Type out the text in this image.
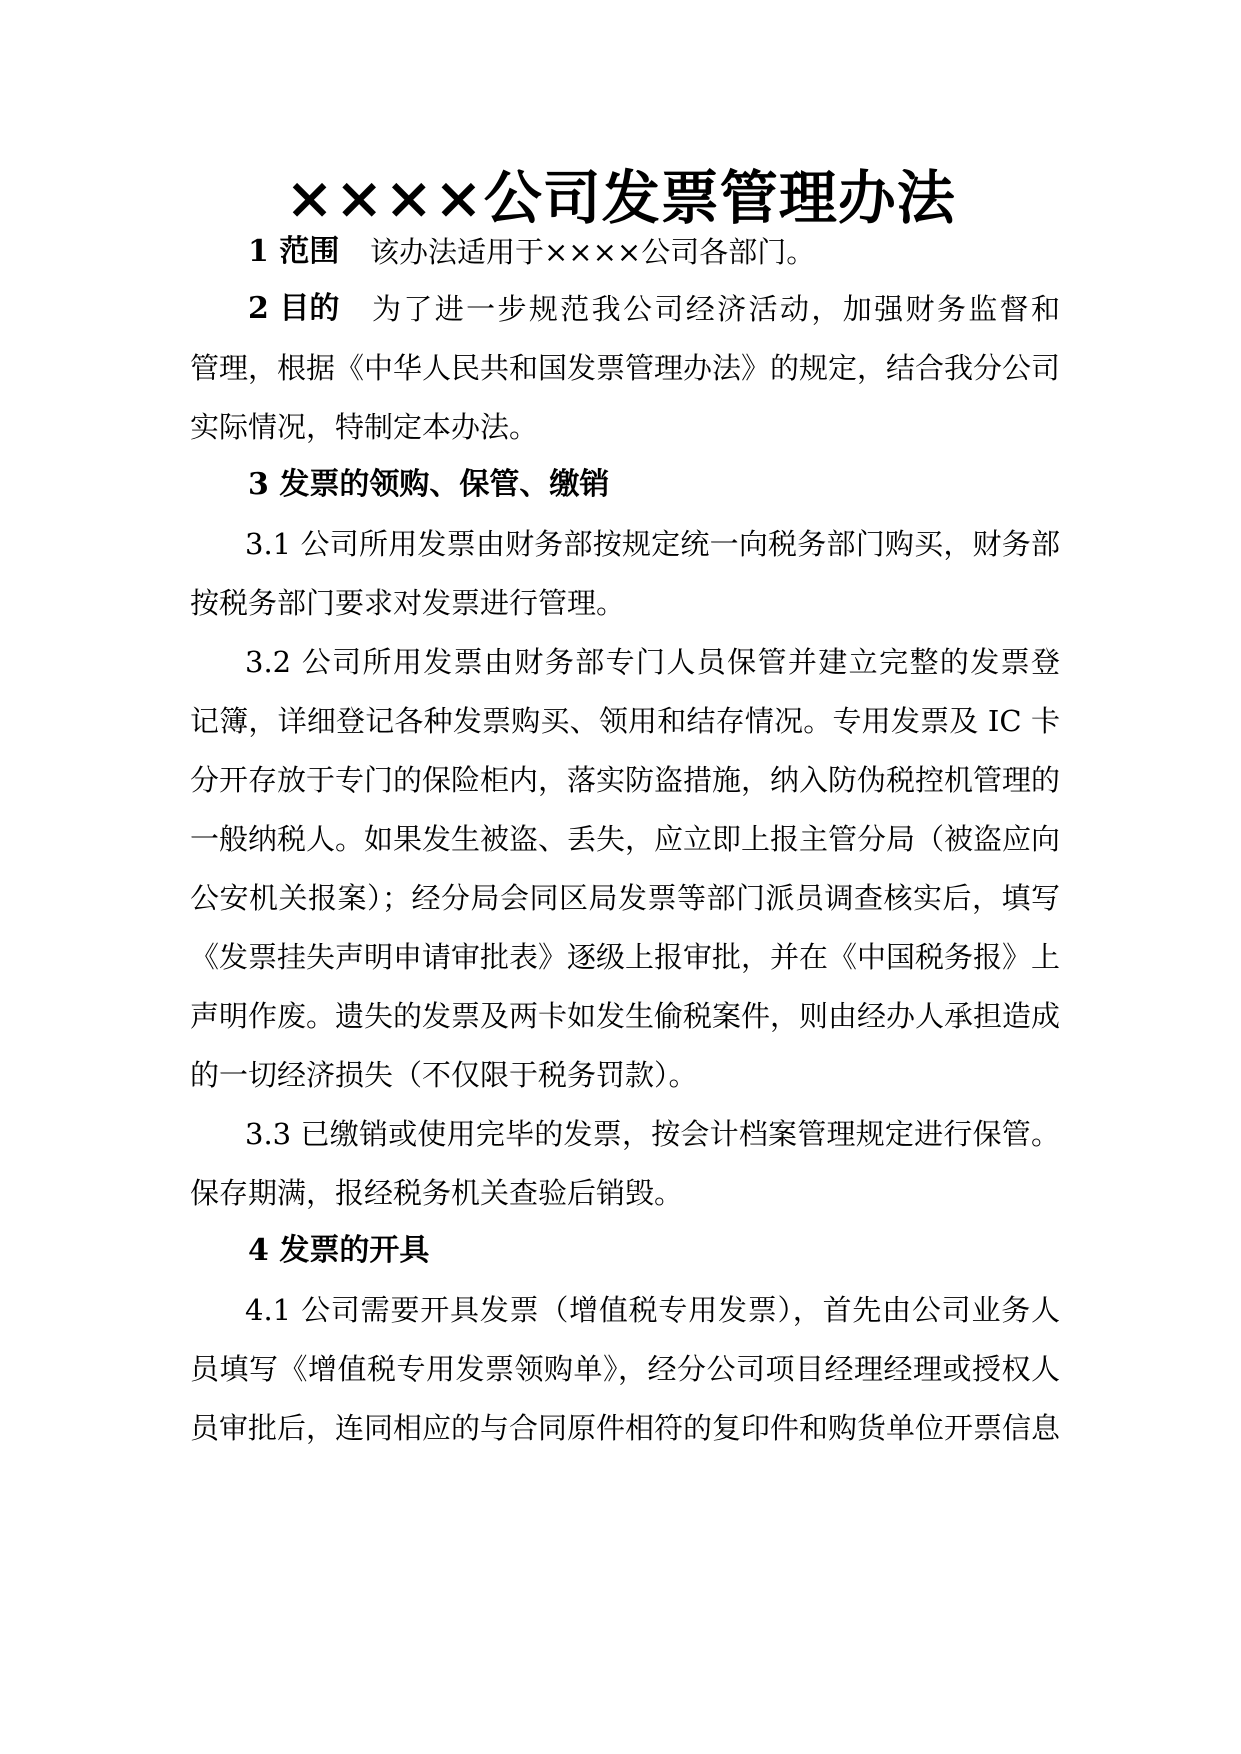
××××公司发票管理办法
1 范围 该办法适用于××××公司各部门。
2 目的 为了进一步规范我公司经济活动，加强财务监督和
管理，根据《中华人民共和国发票管理办法》的规定，结合我分公司
实际情况，特制定本办法。
3 发票的领购、保管、缴销
3.1 公司所用发票由财务部按规定统一向税务部门购买，财务部
按税务部门要求对发票进行管理。
3.2 公司所用发票由财务部专门人员保管并建立完整的发票登
记簿，详细登记各种发票购买、领用和结存情况。专用发票及 IC 卡
分开存放于专门的保险柜内，落实防盗措施，纳入防伪税控机管理的
一般纳税人。如果发生被盗、丢失，应立即上报主管分局（被盗应向
公安机关报案）；经分局会同区局发票等部门派员调查核实后，填写
《发票挂失声明申请审批表》逐级上报审批，并在《中国税务报》上
声明作废。遗失的发票及两卡如发生偷税案件，则由经办人承担造成
的一切经济损失（不仅限于税务罚款）。
3.3 已缴销或使用完毕的发票，按会计档案管理规定进行保管。
保存期满，报经税务机关查验后销毁。
4 发票的开具
4.1 公司需要开具发票（增值税专用发票），首先由公司业务人
员填写《增值税专用发票领购单》，经分公司项目经理经理或授权人
员审批后，连同相应的与合同原件相符的复印件和购货单位开票信息
